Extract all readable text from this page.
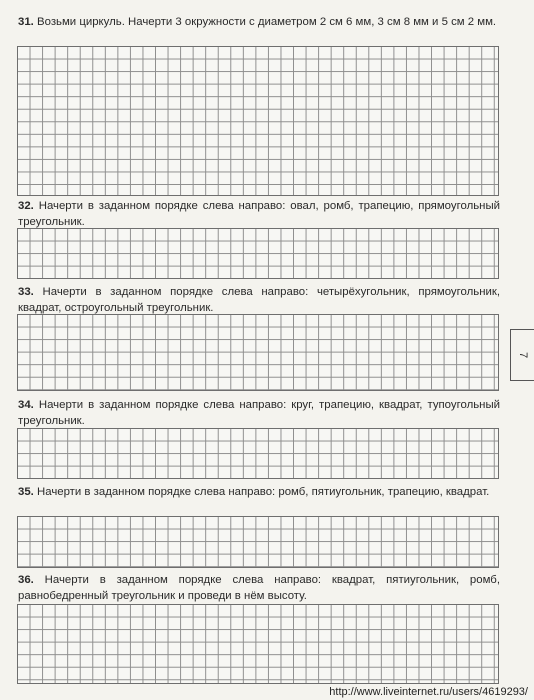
31. Возьми циркуль. Начерти 3 окружности с диаметром 2 см 6 мм, 3 см 8 мм и 5 см 2 мм.
32. Начерти в заданном порядке слева направо: овал, ромб, трапецию, прямоугольный треугольник.
33. Начерти в заданном порядке слева направо: четырёхугольник, прямоугольник, квадрат, остроугольный треугольник.
34. Начерти в заданном порядке слева направо: круг, трапецию, квадрат, тупоугольный треугольник.
35. Начерти в заданном порядке слева направо: ромб, пятиугольник, трапецию, квадрат.
36. Начерти в заданном порядке слева направо: квадрат, пятиугольник, ромб, равнобедренный треугольник и проведи в нём высоту.
7
http://www.liveinternet.ru/users/4619293/
